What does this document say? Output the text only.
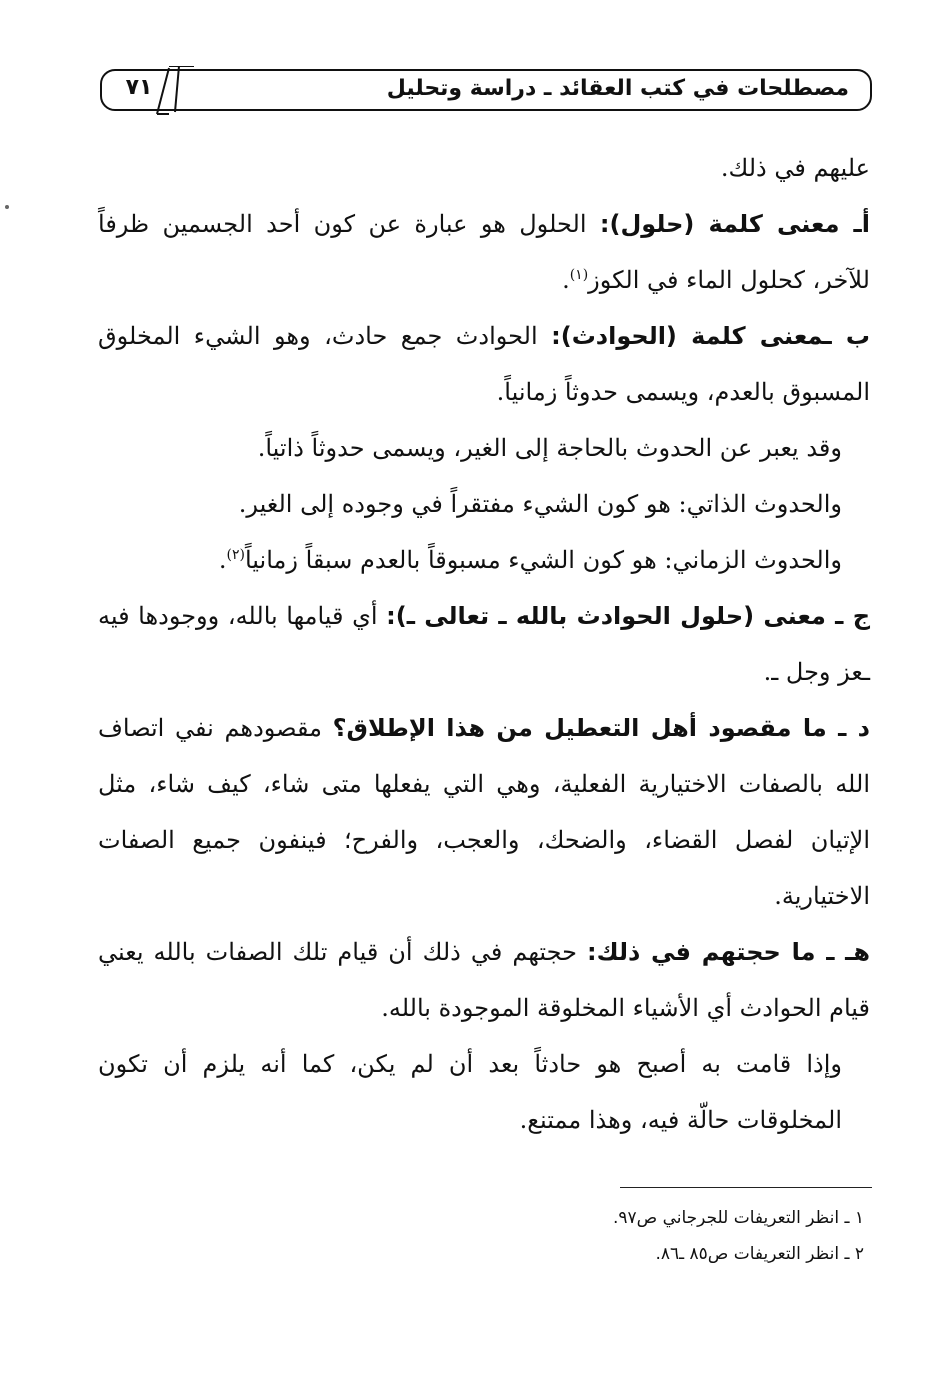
٧١	مصطلحات في كتب العقائد ـ دراسة وتحليل

عليهم في ذلك.

أـ معنى كلمة (حلول): الحلول هو عبارة عن كون أحد الجسمين ظرفاً للآخر، كحلول الماء في الكوز$^{(١)}$.

ب ـمعنى كلمة (الحوادث): الحوادث جمع حادث، وهو الشيء المخلوق المسبوق بالعدم، ويسمى حدوثاً زمانياً.

وقد يعبر عن الحدوث بالحاجة إلى الغير، ويسمى حدوثاً ذاتياً.

والحدوث الذاتي: هو كون الشيء مفتقراً في وجوده إلى الغير.

والحدوث الزماني: هو كون الشيء مسبوقاً بالعدم سبقاً زمانياً$^{(٢)}$.

ج ـ معنى (حلول الحوادث بالله ـ تعالى ـ): أي قيامها بالله، ووجودها فيه ـعز وجل ـ.

د ـ ما مقصود أهل التعطيل من هذا الإطلاق؟ مقصودهم نفي اتصاف الله بالصفات الاختيارية الفعلية، وهي التي يفعلها متى شاء، كيف شاء، مثل الإتيان لفصل القضاء، والضحك، والعجب، والفرح؛ فينفون جميع الصفات الاختيارية.

هـ ـ ما حجتهم في ذلك: حجتهم في ذلك أن قيام تلك الصفات بالله يعني قيام الحوادث أي الأشياء المخلوقة الموجودة بالله.

وإذا قامت به أصبح هو حادثاً بعد أن لم يكن، كما أنه يلزم أن تكون المخلوقات حالّة فيه، وهذا ممتنع.

١ ـ انظر التعريفات للجرجاني ص٩٧.

٢ ـ انظر التعريفات ص٨٥ ـ٨٦.
